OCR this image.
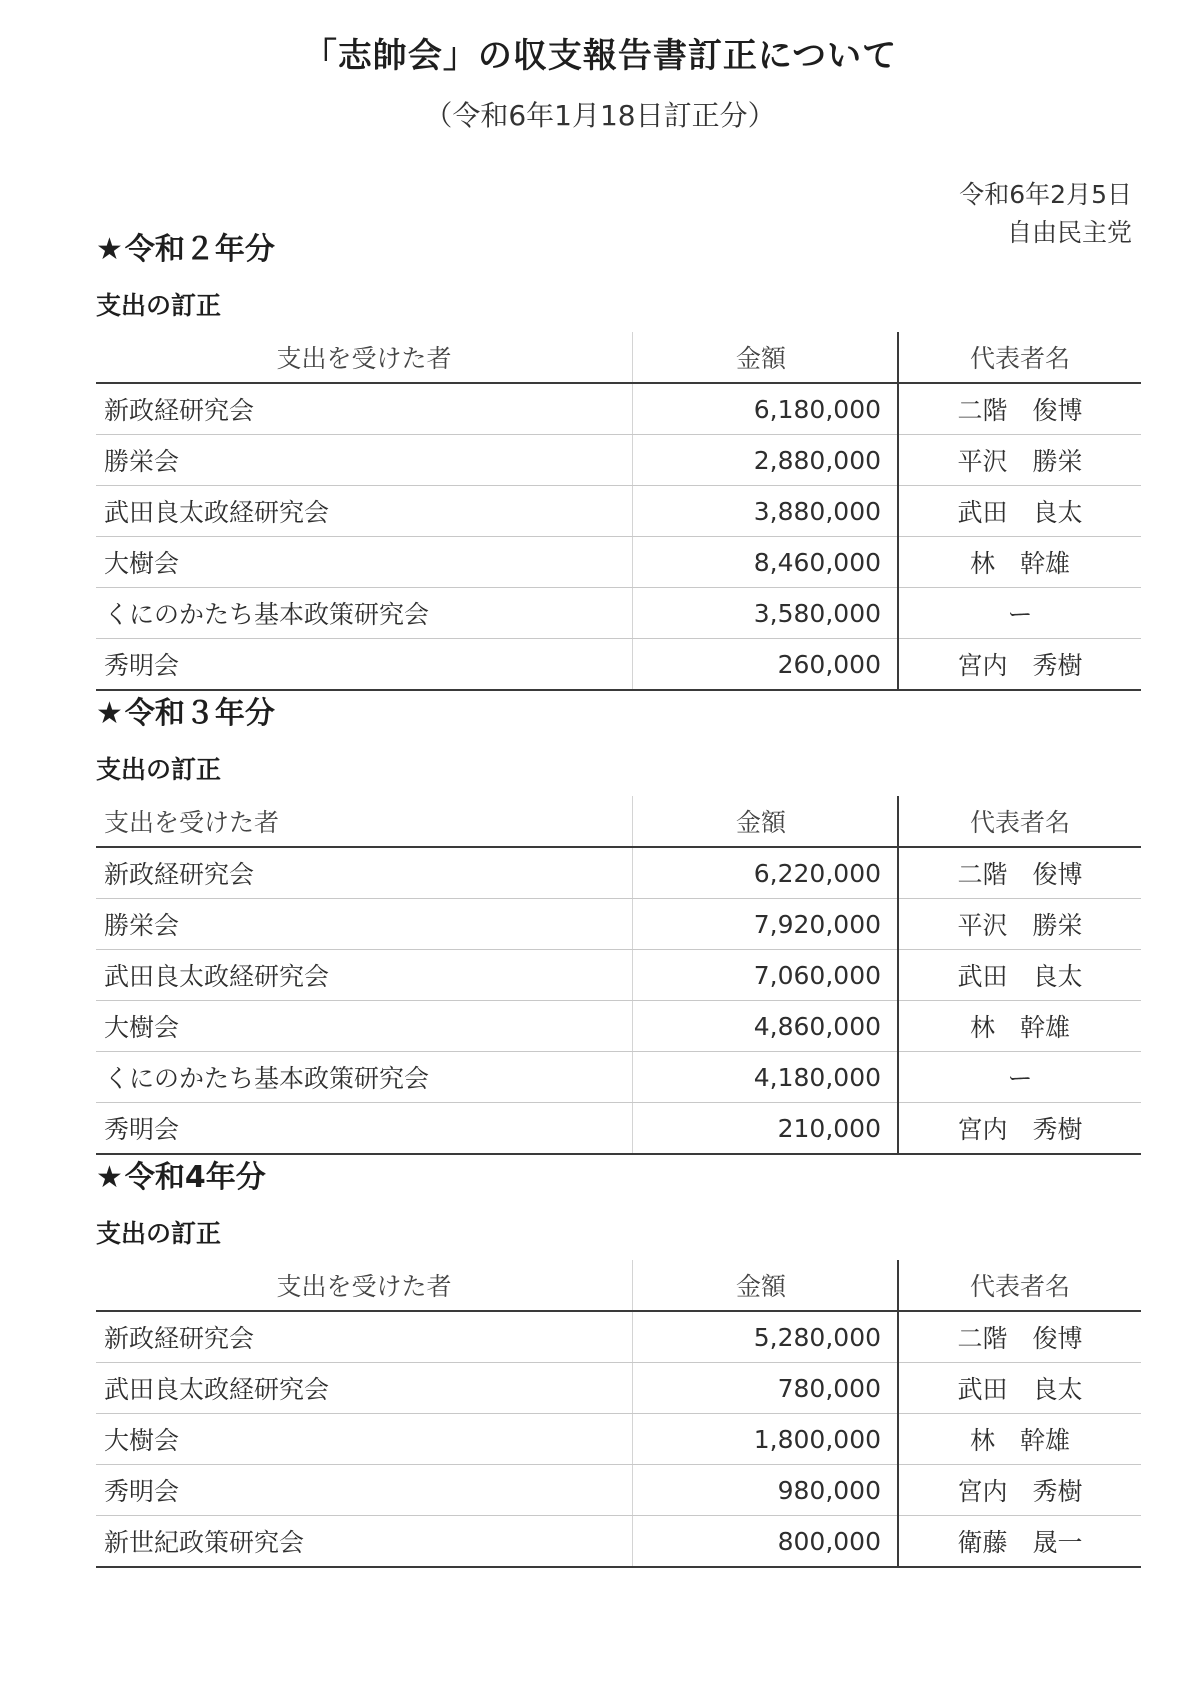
「志帥会」の収支報告書訂正について
（令和6年1月18日訂正分）
令和6年2月5日
自由民主党
★令和２年分
支出の訂正
支出を受けた者	金額	代表者名
新政経研究会	6,180,000	二階　俊博
勝栄会	2,880,000	平沢　勝栄
武田良太政経研究会	3,880,000	武田　良太
大樹会	8,460,000	林　幹雄
くにのかたち基本政策研究会	3,580,000	ー
秀明会	260,000	宮内　秀樹
★令和３年分
支出の訂正
支出を受けた者	金額	代表者名
新政経研究会	6,220,000	二階　俊博
勝栄会	7,920,000	平沢　勝栄
武田良太政経研究会	7,060,000	武田　良太
大樹会	4,860,000	林　幹雄
くにのかたち基本政策研究会	4,180,000	ー
秀明会	210,000	宮内　秀樹
★令和4年分
支出の訂正
支出を受けた者	金額	代表者名
新政経研究会	5,280,000	二階　俊博
武田良太政経研究会	780,000	武田　良太
大樹会	1,800,000	林　幹雄
秀明会	980,000	宮内　秀樹
新世紀政策研究会	800,000	衛藤　晟一
